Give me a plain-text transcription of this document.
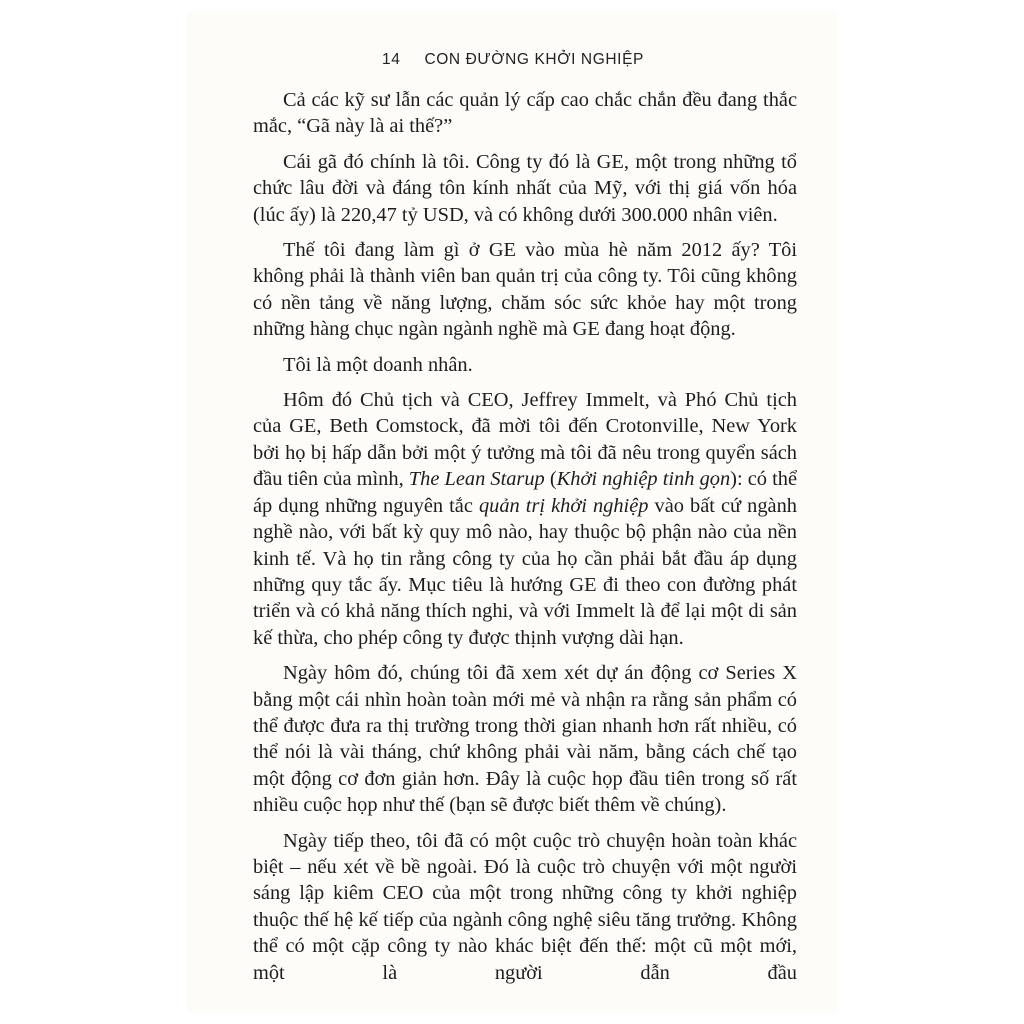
14 CON ĐƯỜNG KHỞI NGHIỆP

Cả các kỹ sư lẫn các quản lý cấp cao chắc chắn đều đang thắc mắc, “Gã này là ai thế?”

Cái gã đó chính là tôi. Công ty đó là GE, một trong những tổ chức lâu đời và đáng tôn kính nhất của Mỹ, với thị giá vốn hóa (lúc ấy) là 220,47 tỷ USD, và có không dưới 300.000 nhân viên.

Thế tôi đang làm gì ở GE vào mùa hè năm 2012 ấy? Tôi không phải là thành viên ban quản trị của công ty. Tôi cũng không có nền tảng về năng lượng, chăm sóc sức khỏe hay một trong những hàng chục ngàn ngành nghề mà GE đang hoạt động.

Tôi là một doanh nhân.

Hôm đó Chủ tịch và CEO, Jeffrey Immelt, và Phó Chủ tịch của GE, Beth Comstock, đã mời tôi đến Crotonville, New York bởi họ bị hấp dẫn bởi một ý tưởng mà tôi đã nêu trong quyển sách đầu tiên của mình, The Lean Starup (Khởi nghiệp tinh gọn): có thể áp dụng những nguyên tắc quản trị khởi nghiệp vào bất cứ ngành nghề nào, với bất kỳ quy mô nào, hay thuộc bộ phận nào của nền kinh tế. Và họ tin rằng công ty của họ cần phải bắt đầu áp dụng những quy tắc ấy. Mục tiêu là hướng GE đi theo con đường phát triển và có khả năng thích nghi, và với Immelt là để lại một di sản kế thừa, cho phép công ty được thịnh vượng dài hạn.

Ngày hôm đó, chúng tôi đã xem xét dự án động cơ Series X bằng một cái nhìn hoàn toàn mới mẻ và nhận ra rằng sản phẩm có thể được đưa ra thị trường trong thời gian nhanh hơn rất nhiều, có thể nói là vài tháng, chứ không phải vài năm, bằng cách chế tạo một động cơ đơn giản hơn. Đây là cuộc họp đầu tiên trong số rất nhiều cuộc họp như thế (bạn sẽ được biết thêm về chúng).

Ngày tiếp theo, tôi đã có một cuộc trò chuyện hoàn toàn khác biệt – nếu xét về bề ngoài. Đó là cuộc trò chuyện với một người sáng lập kiêm CEO của một trong những công ty khởi nghiệp thuộc thế hệ kế tiếp của ngành công nghệ siêu tăng trưởng. Không thể có một cặp công ty nào khác biệt đến thế: một cũ một mới, một là người dẫn đầu
